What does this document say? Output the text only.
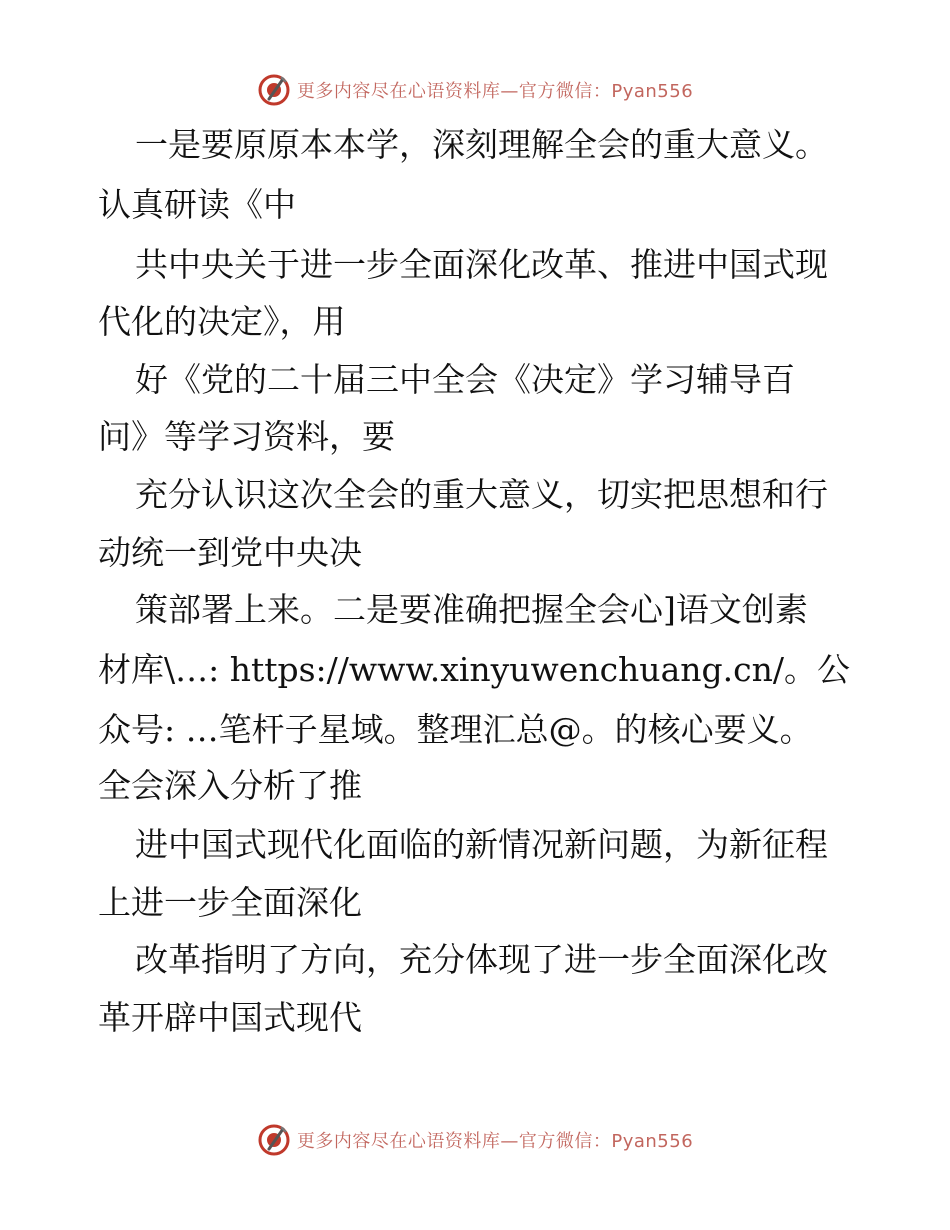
更多内容尽在心语资料库—官方微信：Pyan556
一是要原原本本学，深刻理解全会的重大意义。
认真研读《中
共中央关于进一步全面深化改革、推进中国式现
代化的决定》，用
好《党的二十届三中全会《决定》学习辅导百
问》等学习资料，要
充分认识这次全会的重大意义，切实把思想和行
动统一到党中央决
策部署上来。二是要准确把握全会心]语文创素
材库\…: https://www.xinyuwenchuang.cn/。公
众号: …笔杆子星域。整理汇总@。的核心要义。
全会深入分析了推
进中国式现代化面临的新情况新问题，为新征程
上进一步全面深化
改革指明了方向，充分体现了进一步全面深化改
革开辟中国式现代
更多内容尽在心语资料库—官方微信：Pyan556
